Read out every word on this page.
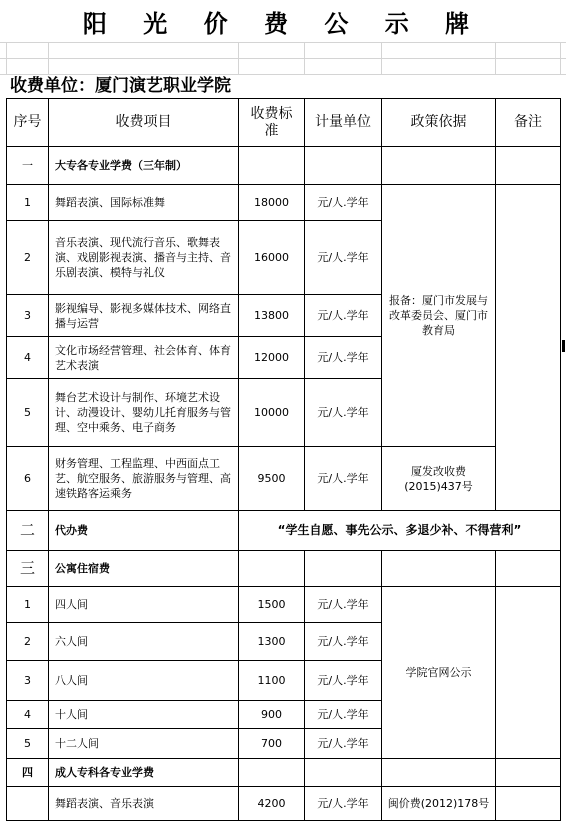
阳 光 价 费 公 示 牌
收费单位：厦门演艺职业学院
序号	收费项目	收费标准	计量单位	政策依据	备注
一	大专各专业学费（三年制）				
1	舞蹈表演、国际标准舞	18000	元/人.学年	报备：厦门市发展与改革委员会、厦门市教育局	
2	音乐表演、现代流行音乐、歌舞表演、戏剧影视表演、播音与主持、音乐剧表演、模特与礼仪	16000	元/人.学年		
3	影视编导、影视多媒体技术、网络直播与运营	13800	元/人.学年		
4	文化市场经营管理、社会体育、体育艺术表演	12000	元/人.学年		
5	舞台艺术设计与制作、环境艺术设计、动漫设计、婴幼儿托育服务与管理、空中乘务、电子商务	10000	元/人.学年		
6	财务管理、工程监理、中西面点工艺、航空服务、旅游服务与管理、高速铁路客运乘务	9500	元/人.学年	厦发改收费(2015)437号	
二	代办费	“学生自愿、事先公示、多退少补、不得营利”			
三	公寓住宿费				
1	四人间	1500	元/人.学年	学院官网公示	
2	六人间	1300	元/人.学年		
3	八人间	1100	元/人.学年		
4	十人间	900	元/人.学年		
5	十二人间	700	元/人.学年		
四	成人专科各专业学费				
	舞蹈表演、音乐表演	4200	元/人.学年	闽价费(2012)178号	
